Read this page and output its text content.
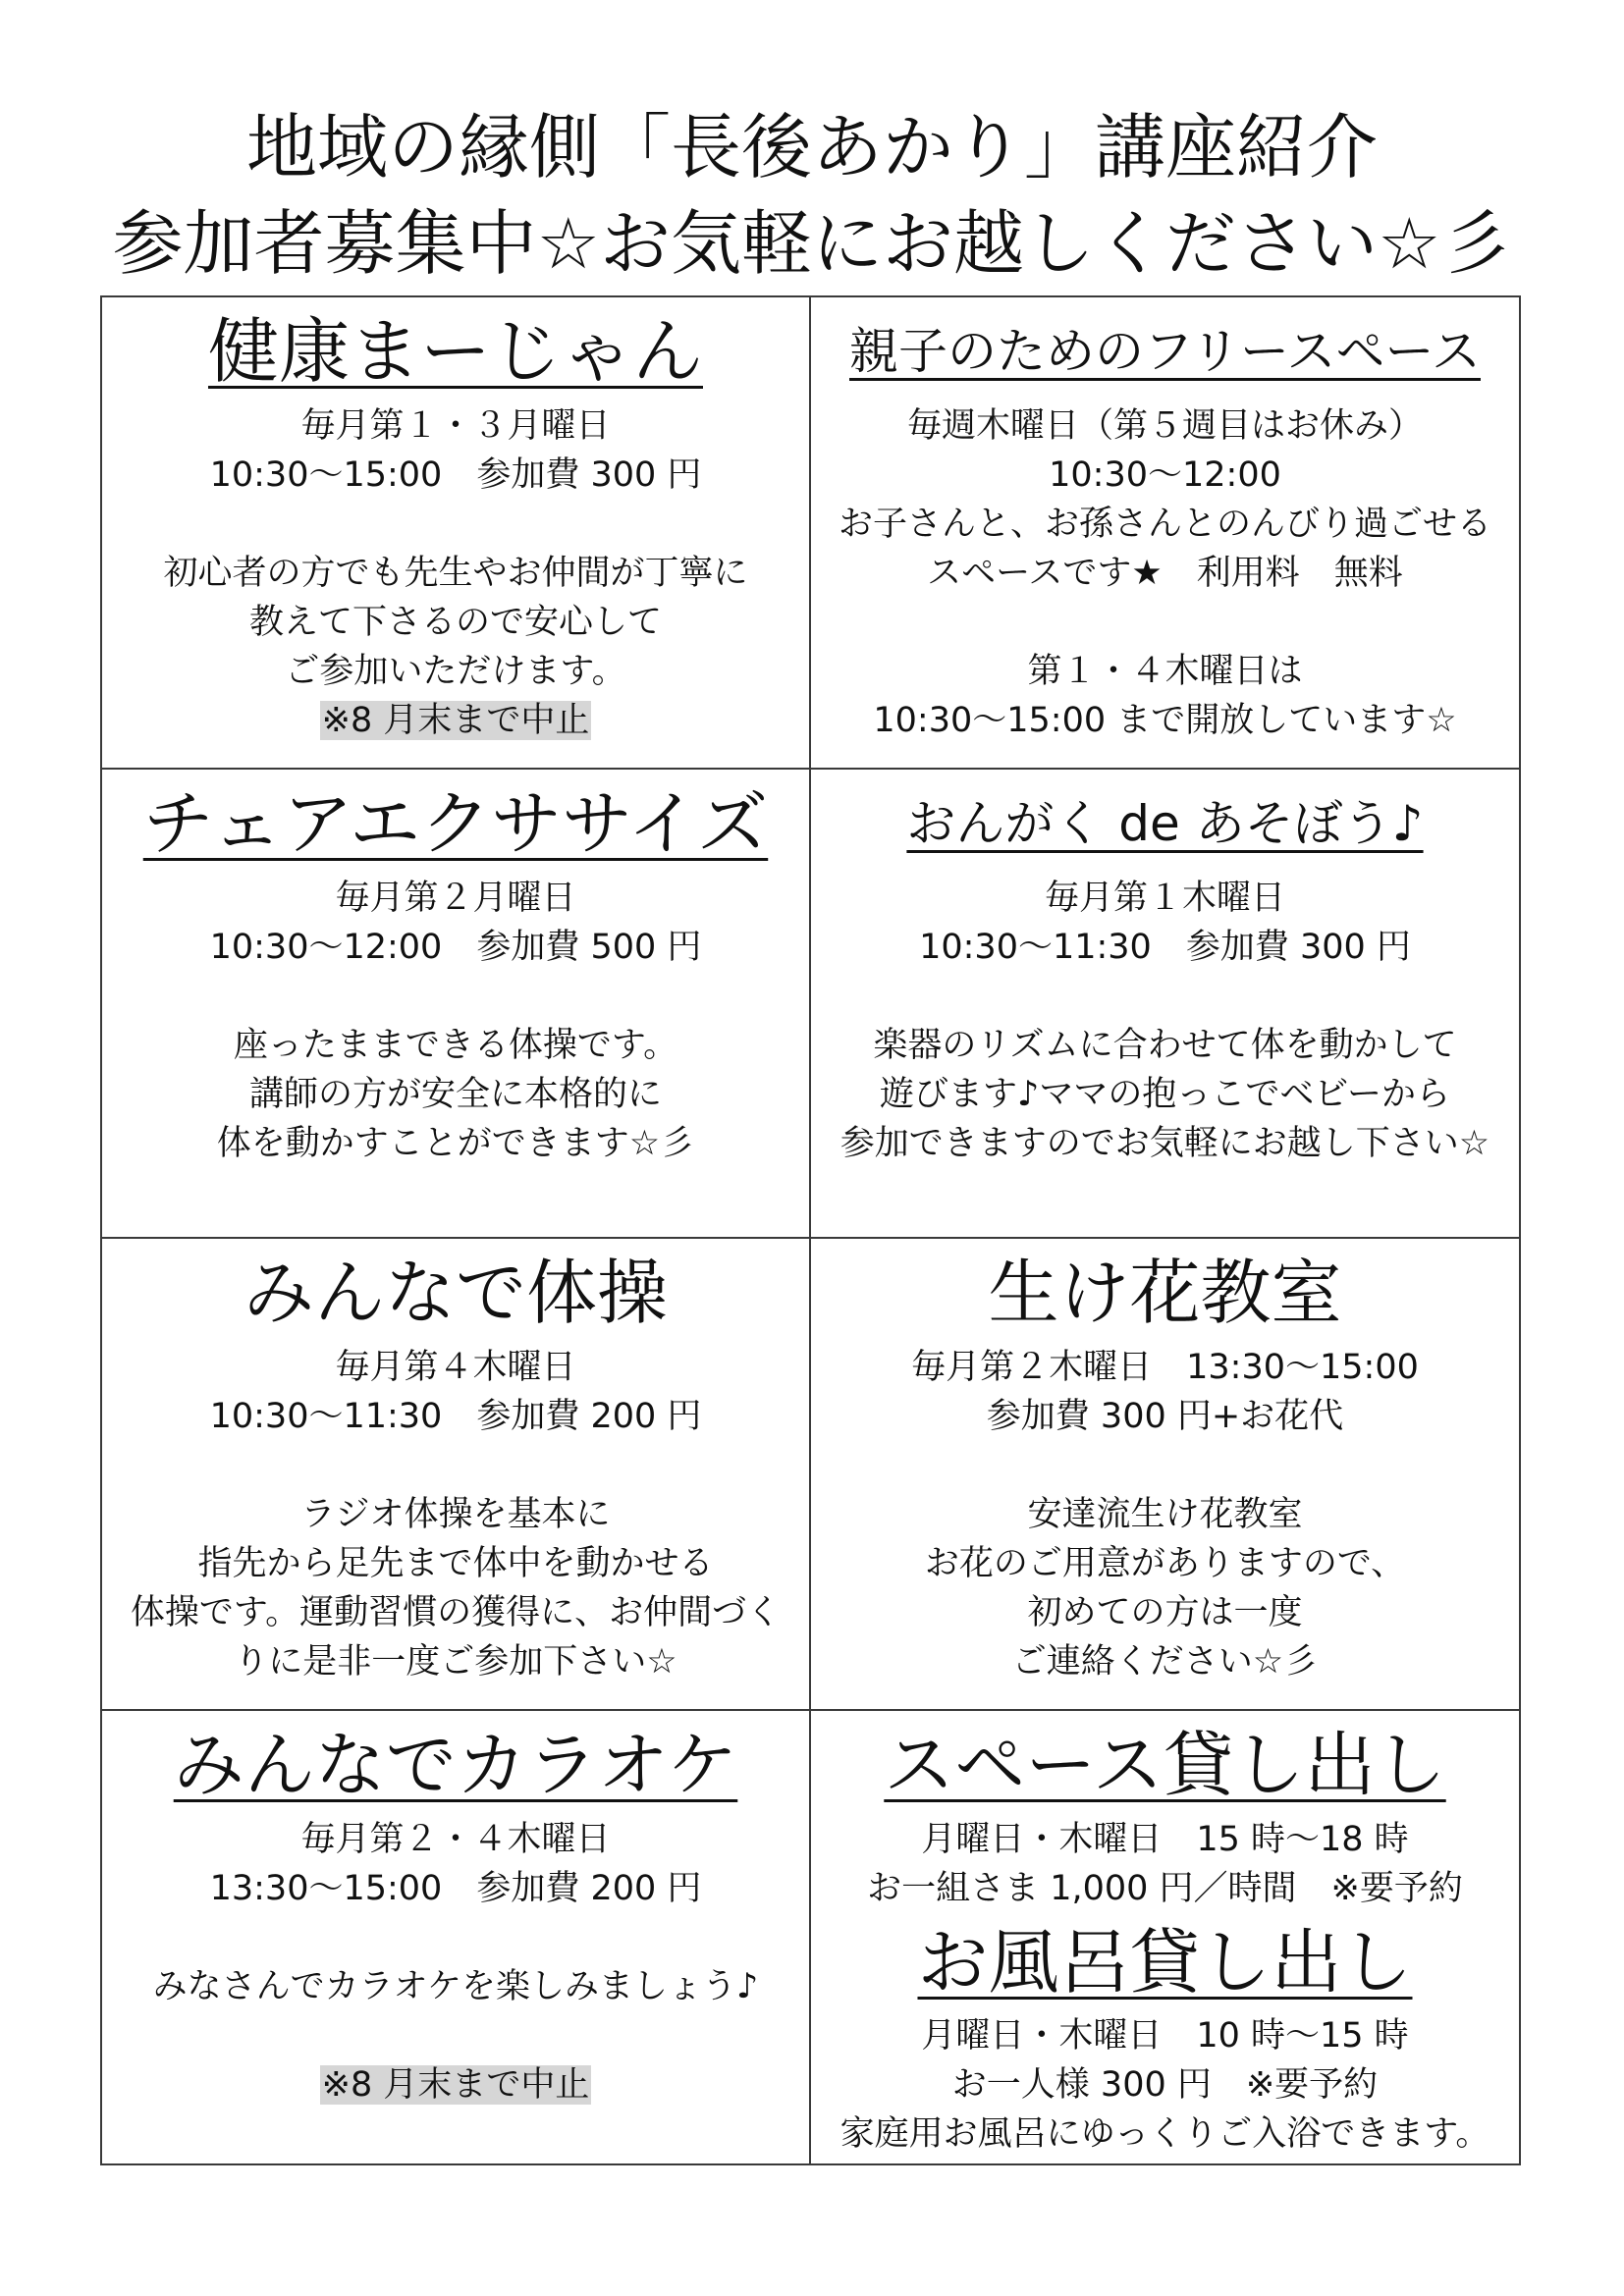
地域の縁側「長後あかり」講座紹介
参加者募集中☆お気軽にお越しください☆彡
健康まーじゃん
毎月第１・３月曜日
10:30～15:00　参加費 300 円
初心者の方でも先生やお仲間が丁寧に
教えて下さるので安心して
ご参加いただけます。
※8 月末まで中止
親子のためのフリースペース
毎週木曜日（第５週目はお休み）
10:30～12:00
お子さんと、お孫さんとのんびり過ごせる
スペースです★　利用料　無料
第１・４木曜日は
10:30～15:00 まで開放しています☆
チェアエクササイズ
毎月第２月曜日
10:30～12:00　参加費 500 円
座ったままできる体操です。
講師の方が安全に本格的に
体を動かすことができます☆彡
おんがく de あそぼう♪
毎月第１木曜日
10:30～11:30　参加費 300 円
楽器のリズムに合わせて体を動かして
遊びます♪ママの抱っこでベビーから
参加できますのでお気軽にお越し下さい☆
みんなで体操
毎月第４木曜日
10:30～11:30　参加費 200 円
ラジオ体操を基本に
指先から足先まで体中を動かせる
体操です。運動習慣の獲得に、お仲間づく
りに是非一度ご参加下さい☆
生け花教室
毎月第２木曜日　13:30～15:00
参加費 300 円+お花代
安達流生け花教室
お花のご用意がありますので、
初めての方は一度
ご連絡ください☆彡
みんなでカラオケ
毎月第２・４木曜日
13:30～15:00　参加費 200 円
みなさんでカラオケを楽しみましょう♪
※8 月末まで中止
スペース貸し出し
月曜日・木曜日　15 時～18 時
お一組さま 1,000 円／時間　※要予約
お風呂貸し出し
月曜日・木曜日　10 時～15 時
お一人様 300 円　※要予約
家庭用お風呂にゆっくりご入浴できます。
